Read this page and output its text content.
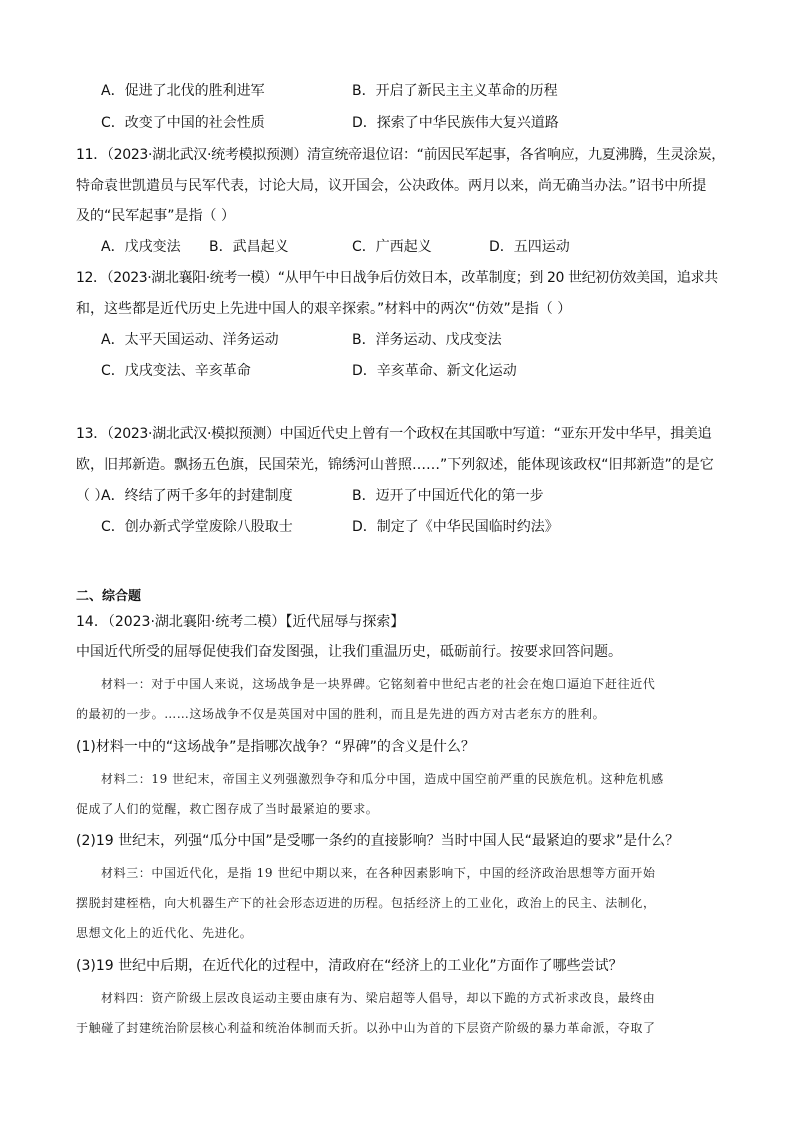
A．促进了北伐的胜利进军	B．开启了新民主主义革命的历程
C．改变了中国的社会性质	D．探索了中华民族伟大复兴道路
11．（2023·湖北武汉·统考模拟预测）清宣统帝退位诏：“前因民军起事，各省响应，九夏沸腾，生灵涂炭，
特命袁世凯遣员与民军代表，讨论大局，议开国会，公决政体。两月以来，尚无确当办法。”诏书中所提
及的“民军起事”是指（ ）
A．戊戌变法 B．武昌起义	C．广西起义	D．五四运动
12．（2023·湖北襄阳·统考一模）“从甲午中日战争后仿效日本，改革制度；到 20 世纪初仿效美国，追求共
和，这些都是近代历史上先进中国人的艰辛探索。”材料中的两次“仿效”是指（ ）
A．太平天国运动、洋务运动	B．洋务运动、戊戌变法
C．戊戌变法、辛亥革命	D．辛亥革命、新文化运动
13．（2023·湖北武汉·模拟预测）中国近代史上曾有一个政权在其国歌中写道：“亚东开发中华早，揖美追
欧，旧邦新造。飘扬五色旗，民国荣光，锦绣河山普照……”下列叙述，能体现该政权“旧邦新造”的是它
（ ）
A．终结了两千多年的封建制度	B．迈开了中国近代化的第一步
C．创办新式学堂废除八股取士	D．制定了《中华民国临时约法》
二、综合题
14．（2023·湖北襄阳·统考二模）【近代屈辱与探索】
中国近代所受的屈辱促使我们奋发图强，让我们重温历史，砥砺前行。按要求回答问题。
材料一：对于中国人来说，这场战争是一块界碑。它铭刻着中世纪古老的社会在炮口逼迫下赶往近代
的最初的一步。……这场战争不仅是英国对中国的胜利，而且是先进的西方对古老东方的胜利。
(1)材料一中的“这场战争”是指哪次战争？“界碑”的含义是什么？
材料二：19 世纪末，帝国主义列强激烈争夺和瓜分中国，造成中国空前严重的民族危机。这种危机感
促成了人们的觉醒，救亡图存成了当时最紧迫的要求。
(2)19 世纪末，列强“瓜分中国”是受哪一条约的直接影响？当时中国人民“最紧迫的要求”是什么？
材料三：中国近代化，是指 19 世纪中期以来，在各种因素影响下，中国的经济政治思想等方面开始
摆脱封建桎梏，向大机器生产下的社会形态迈进的历程。包括经济上的工业化，政治上的民主、法制化，
思想文化上的近代化、先进化。
(3)19 世纪中后期，在近代化的过程中，清政府在“经济上的工业化”方面作了哪些尝试？
材料四：资产阶级上层改良运动主要由康有为、梁启超等人倡导，却以下跪的方式祈求改良，最终由
于触碰了封建统治阶层核心利益和统治体制而夭折。以孙中山为首的下层资产阶级的暴力革命派，夺取了
